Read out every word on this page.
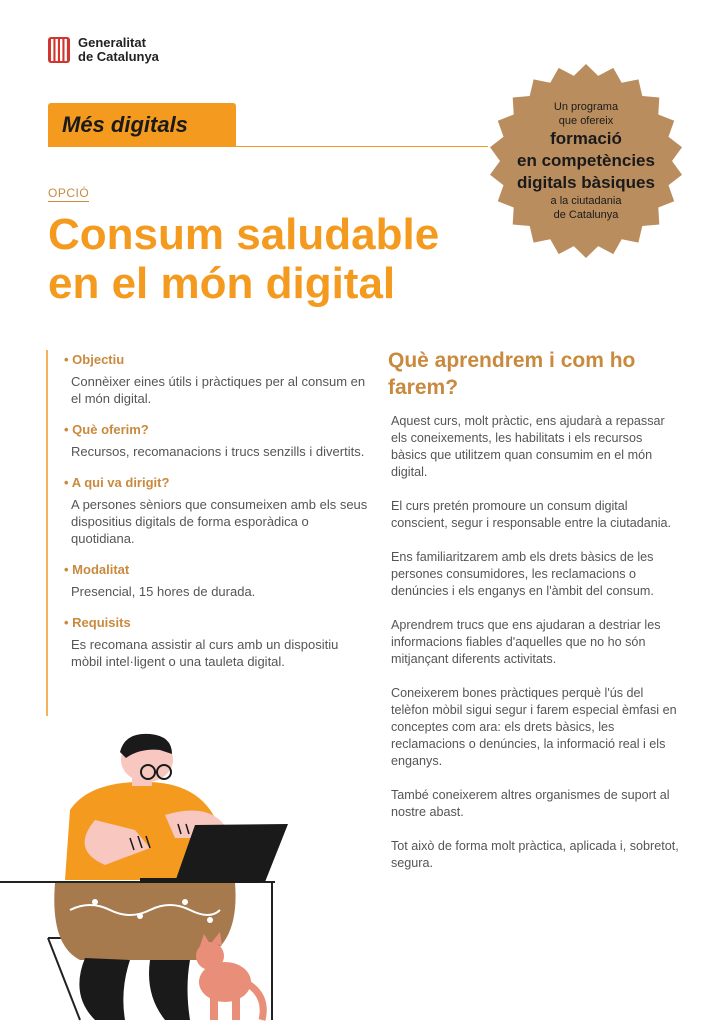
Generalitat
de Catalunya
Més digitals
Un programa
que ofereix
formació
en competències
digitals bàsiques
a la ciutadania
de Catalunya
OPCIÓ
Consum saludable
en el món digital
• Objectiu
Connèixer eines útils i pràctiques per al consum en el món digital.
• Què oferim?
Recursos, recomanacions i trucs senzills i divertits.
• A qui va dirigit?
A persones sèniors que consumeixen amb els seus dispositius digitals de forma esporàdica o quotidiana.
• Modalitat
Presencial, 15 hores de durada.
• Requisits
Es recomana assistir al curs amb un dispositiu mòbil intel·ligent o una tauleta digital.
Què aprendrem i com ho farem?

Aquest curs, molt pràctic, ens ajudarà a repassar els coneixements, les habilitats i els recursos bàsics que utilitzem quan consumim en el món digital.

El curs pretén promoure un consum digital conscient, segur i responsable entre la ciutadania.

Ens familiaritzarem amb els drets bàsics de les persones consumidores, les reclamacions o denúncies i els enganys en l'àmbit del consum.

Aprendrem trucs que ens ajudaran a destriar les informacions fiables d'aquelles que no ho són mitjançant diferents activitats.

Coneixerem bones pràctiques perquè l'ús del telèfon mòbil sigui segur i farem especial èmfasi en conceptes com ara: els drets bàsics, les reclamacions o denúncies, la informació real i els enganys.

També coneixerem altres organismes de suport al nostre abast.

Tot això de forma molt pràctica, aplicada i, sobretot, segura.
